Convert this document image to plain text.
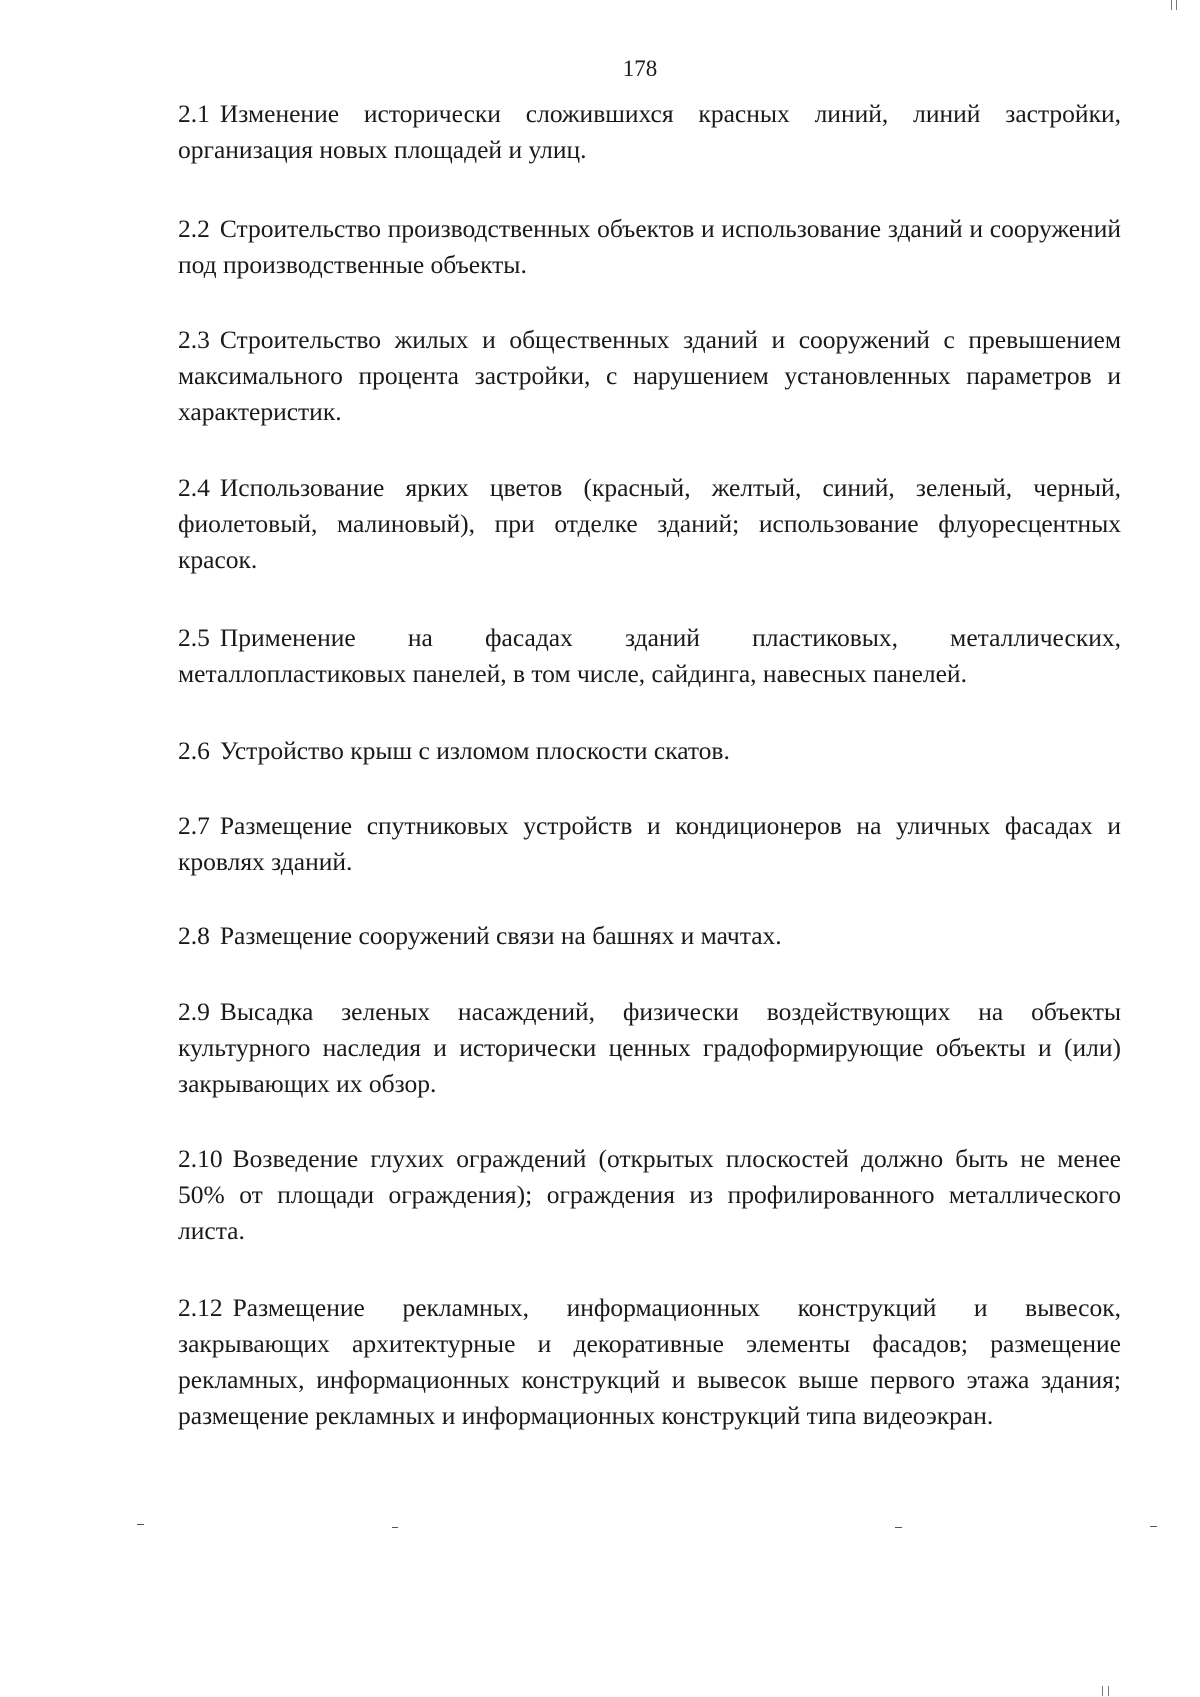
178

2.1 Изменение исторически сложившихся красных линий, линий застройки, организация новых площадей и улиц.

2.2 Строительство производственных объектов и использование зданий и сооружений под производственные объекты.

2.3 Строительство жилых и общественных зданий и сооружений с превышением максимального процента застройки, с нарушением установленных параметров и характеристик.

2.4 Использование ярких цветов (красный, желтый, синий, зеленый, черный, фиолетовый, малиновый), при отделке зданий; использование флуоресцентных красок.

2.5 Применение на фасадах зданий пластиковых, металлических, металлопластиковых панелей, в том числе, сайдинга, навесных панелей.

2.6 Устройство крыш с изломом плоскости скатов.

2.7 Размещение спутниковых устройств и кондиционеров на уличных фасадах и кровлях зданий.

2.8 Размещение сооружений связи на башнях и мачтах.

2.9 Высадка зеленых насаждений, физически воздействующих на объекты культурного наследия и исторически ценных градоформирующие объекты и (или) закрывающих их обзор.

2.10 Возведение глухих ограждений (открытых плоскостей должно быть не менее 50% от площади ограждения); ограждения из профилированного металлического листа.

2.12 Размещение рекламных, информационных конструкций и вывесок, закрывающих архитектурные и декоративные элементы фасадов; размещение рекламных, информационных конструкций и вывесок выше первого этажа здания; размещение рекламных и информационных конструкций типа видеоэкран.
